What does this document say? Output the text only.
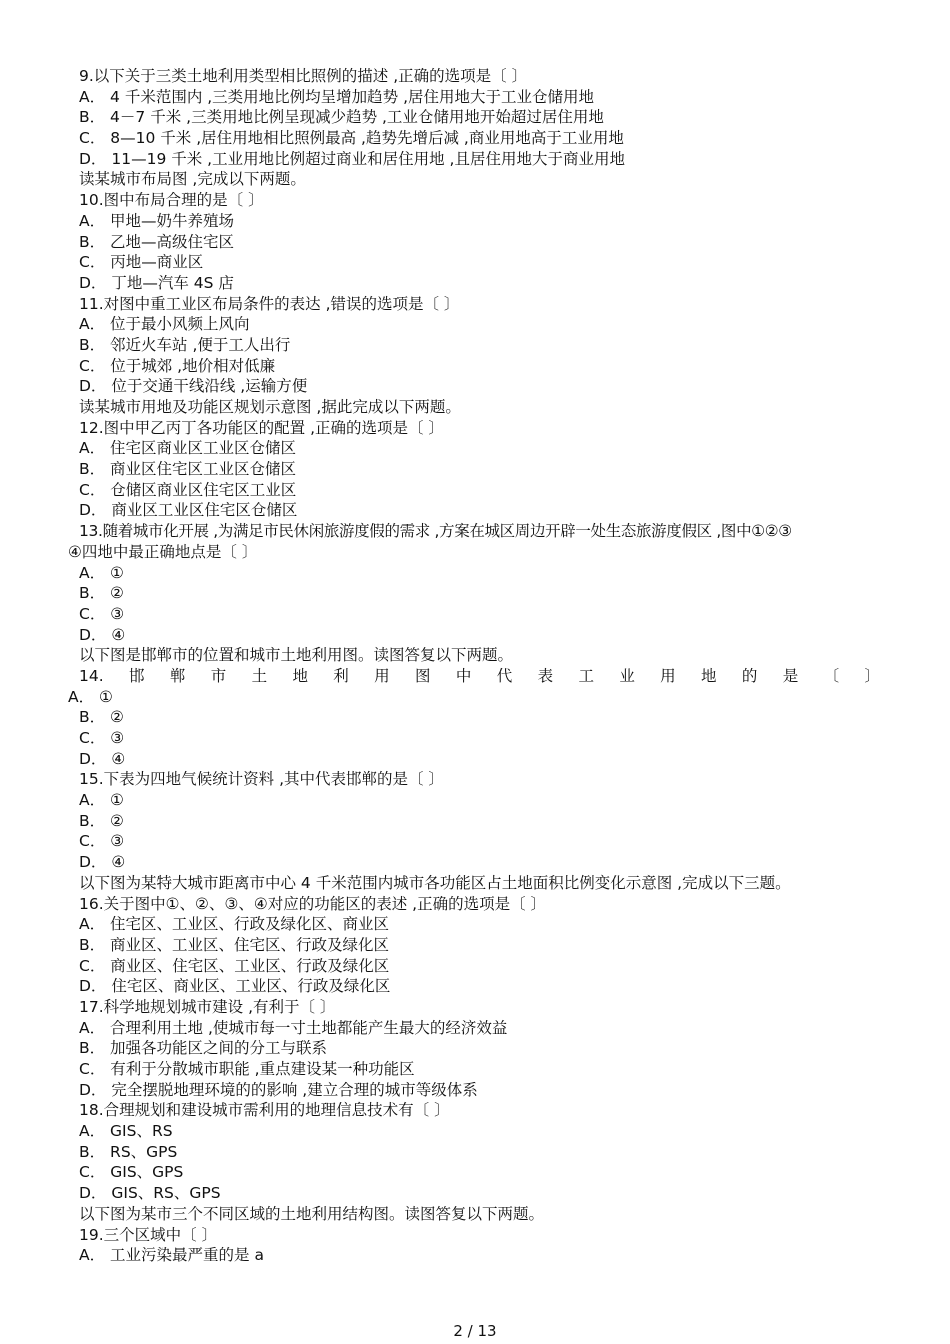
9.以下关于三类土地利用类型相比照例的描述 ,正确的选项是〔 〕
A． 4 千米范围内 ,三类用地比例均呈增加趋势 ,居住用地大于工业仓储用地
B． 4－7 千米 ,三类用地比例呈现减少趋势 ,工业仓储用地开始超过居住用地
C． 8—10 千米 ,居住用地相比照例最高 ,趋势先增后减 ,商业用地高于工业用地
D． 11—19 千米 ,工业用地比例超过商业和居住用地 ,且居住用地大于商业用地
读某城市布局图 ,完成以下两题。
10.图中布局合理的是〔 〕
A． 甲地—奶牛养殖场
B． 乙地—高级住宅区
C． 丙地—商业区
D． 丁地—汽车 4S 店
11.对图中重工业区布局条件的表达 ,错误的选项是〔 〕
A． 位于最小风频上风向
B． 邻近火车站 ,便于工人出行
C． 位于城郊 ,地价相对低廉
D． 位于交通干线沿线 ,运输方便
读某城市用地及功能区规划示意图 ,据此完成以下两题。
12.图中甲乙丙丁各功能区的配置 ,正确的选项是〔 〕
A． 住宅区商业区工业区仓储区
B． 商业区住宅区工业区仓储区
C． 仓储区商业区住宅区工业区
D． 商业区工业区住宅区仓储区
13.随着城市化开展 ,为满足市民休闲旅游度假的需求 ,方案在城区周边开辟一处生态旅游度假区 ,图中①②③
④四地中最正确地点是〔 〕
A． ①
B． ②
C． ③
D． ④
以下图是邯郸市的位置和城市土地利用图。读图答复以下两题。
14. 邯 郸 市 土 地 利 用 图 中 代 表 工 业 用 地 的 是 〔 〕
A． ①
B． ②
C． ③
D． ④
15.下表为四地气候统计资料 ,其中代表邯郸的是〔 〕
A． ①
B． ②
C． ③
D． ④
以下图为某特大城市距离市中心 4 千米范围内城市各功能区占土地面积比例变化示意图 ,完成以下三题。
16.关于图中①、②、③、④对应的功能区的表述 ,正确的选项是〔 〕
A． 住宅区、工业区、行政及绿化区、商业区
B． 商业区、工业区、住宅区、行政及绿化区
C． 商业区、住宅区、工业区、行政及绿化区
D． 住宅区、商业区、工业区、行政及绿化区
17.科学地规划城市建设 ,有利于〔 〕
A． 合理利用土地 ,使城市每一寸土地都能产生最大的经济效益
B． 加强各功能区之间的分工与联系
C． 有利于分散城市职能 ,重点建设某一种功能区
D． 完全摆脱地理环境的的影响 ,建立合理的城市等级体系
18.合理规划和建设城市需利用的地理信息技术有〔 〕
A． GIS、RS
B． RS、GPS
C． GIS、GPS
D． GIS、RS、GPS
以下图为某市三个不同区域的土地利用结构图。读图答复以下两题。
19.三个区域中〔 〕
A． 工业污染最严重的是 a
2 / 13
